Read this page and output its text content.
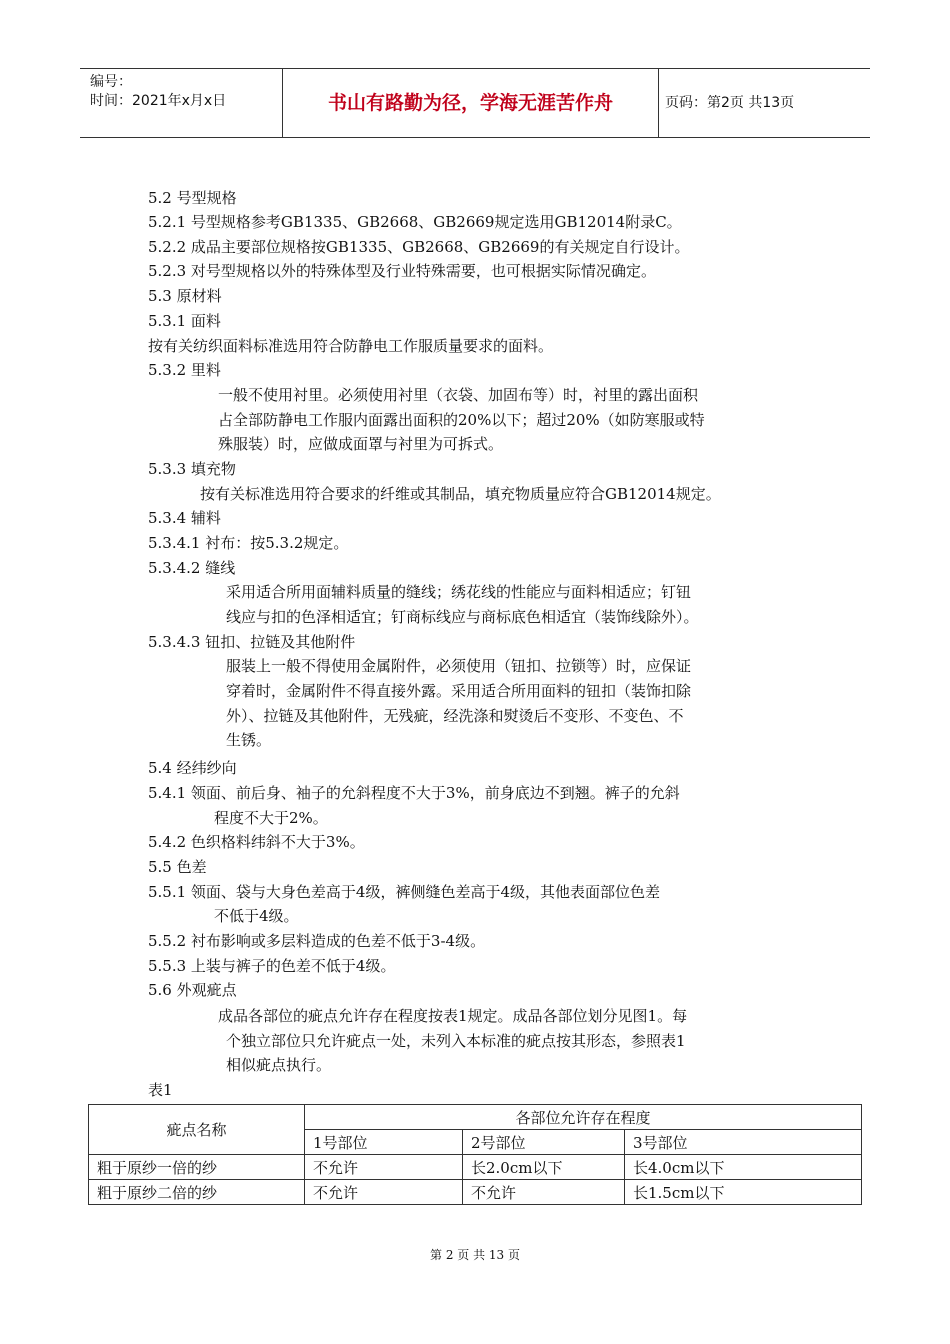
编号：
时间：2021年x月x日	书山有路勤为径，学海无涯苦作舟	页码：第2页 共13页
5.2 号型规格
5.2.1 号型规格参考GB1335、GB2668、GB2669规定选用GB12014附录C。
5.2.2 成品主要部位规格按GB1335、GB2668、GB2669的有关规定自行设计。
5.2.3 对号型规格以外的特殊体型及行业特殊需要，也可根据实际情况确定。
5.3 原材料
5.3.1 面料
按有关纺织面料标准选用符合防静电工作服质量要求的面料。
5.3.2 里料
一般不使用衬里。必须使用衬里（衣袋、加固布等）时，衬里的露出面积
占全部防静电工作服内面露出面积的20%以下；超过20%（如防寒服或特
殊服装）时，应做成面罩与衬里为可拆式。
5.3.3 填充物
按有关标准选用符合要求的纤维或其制品，填充物质量应符合GB12014规定。
5.3.4 辅料
5.3.4.1 衬布：按5.3.2规定。
5.3.4.2 缝线
采用适合所用面辅料质量的缝线；绣花线的性能应与面料相适应；钉钮
线应与扣的色泽相适宜；钉商标线应与商标底色相适宜（装饰线除外）。
5.3.4.3 钮扣、拉链及其他附件
服装上一般不得使用金属附件，必须使用（钮扣、拉锁等）时，应保证
穿着时，金属附件不得直接外露。采用适合所用面料的钮扣（装饰扣除
外）、拉链及其他附件，无残疵，经洗涤和熨烫后不变形、不变色、不
生锈。
5.4 经纬纱向
5.4.1 领面、前后身、袖子的允斜程度不大于3%，前身底边不到翘。裤子的允斜
程度不大于2%。
5.4.2 色织格料纬斜不大于3%。
5.5 色差
5.5.1 领面、袋与大身色差高于4级，裤侧缝色差高于4级，其他表面部位色差
不低于4级。
5.5.2 衬布影响或多层料造成的色差不低于3-4级。
5.5.3 上装与裤子的色差不低于4级。
5.6 外观疵点
成品各部位的疵点允许存在程度按表1规定。成品各部位划分见图1。每
个独立部位只允许疵点一处，未列入本标准的疵点按其形态，参照表1
相似疵点执行。
表1
疵点名称	各部位允许存在程度		
	1号部位	2号部位	3号部位
粗于原纱一倍的纱	不允许	长2.0cm以下	长4.0cm以下
粗于原纱二倍的纱	不允许	不允许	长1.5cm以下
第 2 页 共 13 页
